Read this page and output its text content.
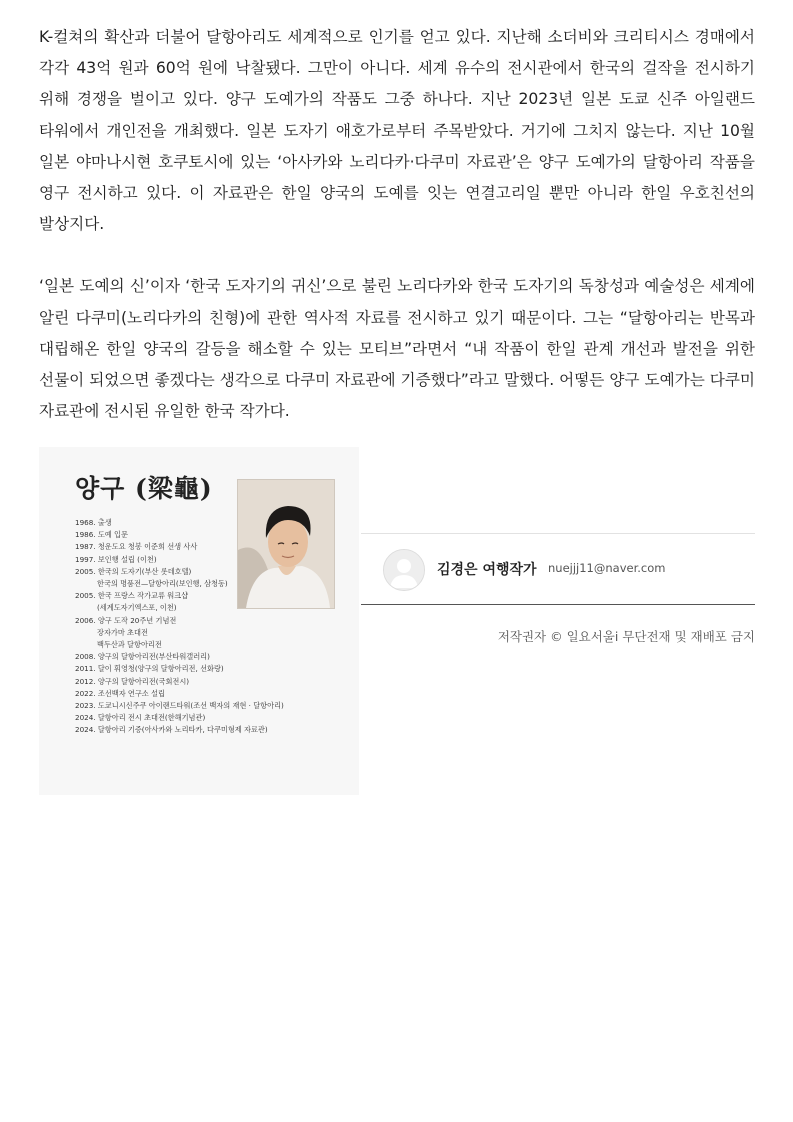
K-컬쳐의 확산과 더불어 달항아리도 세계적으로 인기를 얻고 있다. 지난해 소더비와 크리티시스 경매에서 각각 43억 원과 60억 원에 낙찰됐다. 그만이 아니다. 세계 유수의 전시관에서 한국의 걸작을 전시하기 위해 경쟁을 벌이고 있다. 양구 도예가의 작품도 그중 하나다. 지난 2023년 일본 도쿄 신주 아일랜드 타워에서 개인전을 개최했다. 일본 도자기 애호가로부터 주목받았다. 거기에 그치지 않는다. 지난 10월 일본 야마나시현 호쿠토시에 있는 ‘아사카와 노리다카·다쿠미 자료관’은 양구 도예가의 달항아리 작품을 영구 전시하고 있다. 이 자료관은 한일 양국의 도예를 잇는 연결고리일 뿐만 아니라 한일 우호친선의 발상지다.

‘일본 도예의 신’이자 ‘한국 도자기의 귀신’으로 불린 노리다카와 한국 도자기의 독창성과 예술성은 세계에 알린 다쿠미(노리다카의 친형)에 관한 역사적 자료를 전시하고 있기 때문이다. 그는 “달항아리는 반목과 대립해온 한일 양국의 갈등을 해소할 수 있는 모티브”라면서 “내 작품이 한일 관계 개선과 발전을 위한 선물이 되었으면 좋겠다는 생각으로 다쿠미 자료관에 기증했다”라고 말했다. 어떻든 양구 도예가는 다쿠미 자료관에 전시된 유일한 한국 작가다.

양구 (梁龜)
1968. 출생
1986. 도예 입문
1987. 청운도요 청봉 이준희 선생 사사
1997. 보인행 설립 (이천)
2005. 한국의 도자기(부산 롯데호텔)
한국의 명품전—달항아리(보인행, 삼청동)
2005. 한국 프랑스 작가교류 워크샵
(세계도자기엑스포, 이천)
2006. 양구 도작 20주년 기념전
장자가마 초대전
백두산과 달항아리전
2008. 양구의 달항아리전(부산타워갤러리)
2011. 달이 휘영청(양구의 달항아리전, 선화랑)
2012. 양구의 달항아리전(국회전시)
2022. 조선백자 연구소 설립
2023. 도쿄니시신주쿠 아이랜드타워(조선 백자의 재현 · 달항아리)
2024. 달항아리 전시 초대전(한해기념관)
2024. 달항아리 기증(아사카와 노리타카, 다쿠미형제 자료관)
김경은 여행작가 nuejjj11@naver.com
저작권자 © 일요서울i 무단전재 및 재배포 금지
